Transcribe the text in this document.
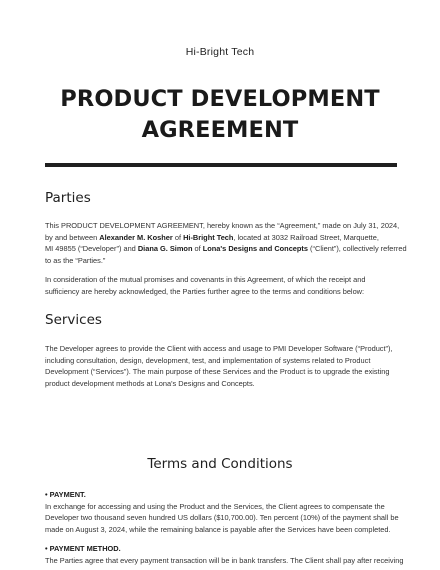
Hi-Bright Tech
PRODUCT DEVELOPMENT
AGREEMENT
Parties
This PRODUCT DEVELOPMENT AGREEMENT, hereby known as the “Agreement,” made on July 31, 2024,
by and between Alexander M. Kosher of Hi-Bright Tech, located at 3032 Railroad Street, Marquette,
MI 49855 (“Developer”) and Diana G. Simon of Lona's Designs and Concepts (“Client”), collectively referred
to as the “Parties.”
In consideration of the mutual promises and covenants in this Agreement, of which the receipt and
sufficiency are hereby acknowledged, the Parties further agree to the terms and conditions below:
Services
The Developer agrees to provide the Client with access and usage to PMI Developer Software (“Product”),
including consultation, design, development, test, and implementation of systems related to Product
Development (“Services”). The main purpose of these Services and the Product is to upgrade the existing
product development methods at Lona's Designs and Concepts.
Terms and Conditions
• PAYMENT.
In exchange for accessing and using the Product and the Services, the Client agrees to compensate the
Developer two thousand seven hundred US dollars ($10,700.00). Ten percent (10%) of the payment shall be
made on August 3, 2024, while the remaining balance is payable after the Services have been completed.
• PAYMENT METHOD.
The Parties agree that every payment transaction will be in bank transfers. The Client shall pay after receiving
